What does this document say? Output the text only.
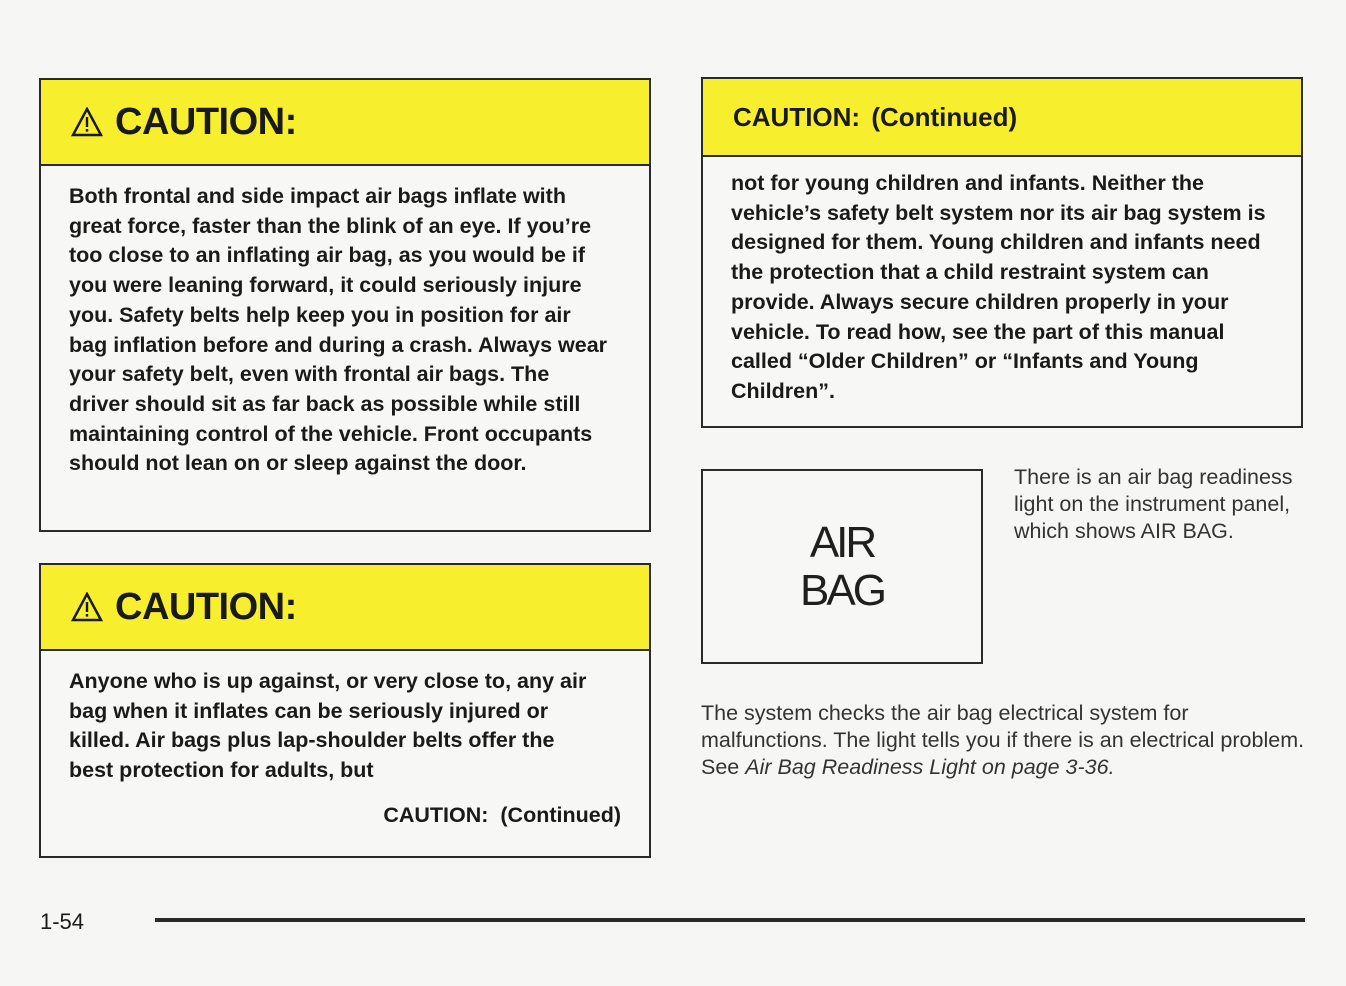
CAUTION:

Both frontal and side impact air bags inflate with great force, faster than the blink of an eye. If you’re too close to an inflating air bag, as you would be if you were leaning forward, it could seriously injure you. Safety belts help keep you in position for air bag inflation before and during a crash. Always wear your safety belt, even with frontal air bags. The driver should sit as far back as possible while still maintaining control of the vehicle. Front occupants should not lean on or sleep against the door.

CAUTION:

Anyone who is up against, or very close to, any air bag when it inflates can be seriously injured or killed. Air bags plus lap-shoulder belts offer the best protection for adults, but

CAUTION: (Continued)
CAUTION: (Continued)

not for young children and infants. Neither the vehicle’s safety belt system nor its air bag system is designed for them. Young children and infants need the protection that a child restraint system can provide. Always secure children properly in your vehicle. To read how, see the part of this manual called “Older Children” or “Infants and Young Children”.

AIR
BAG
There is an air bag readiness light on the instrument panel, which shows AIR BAG.

The system checks the air bag electrical system for malfunctions. The light tells you if there is an electrical problem. See Air Bag Readiness Light on page 3-36.

1-54
